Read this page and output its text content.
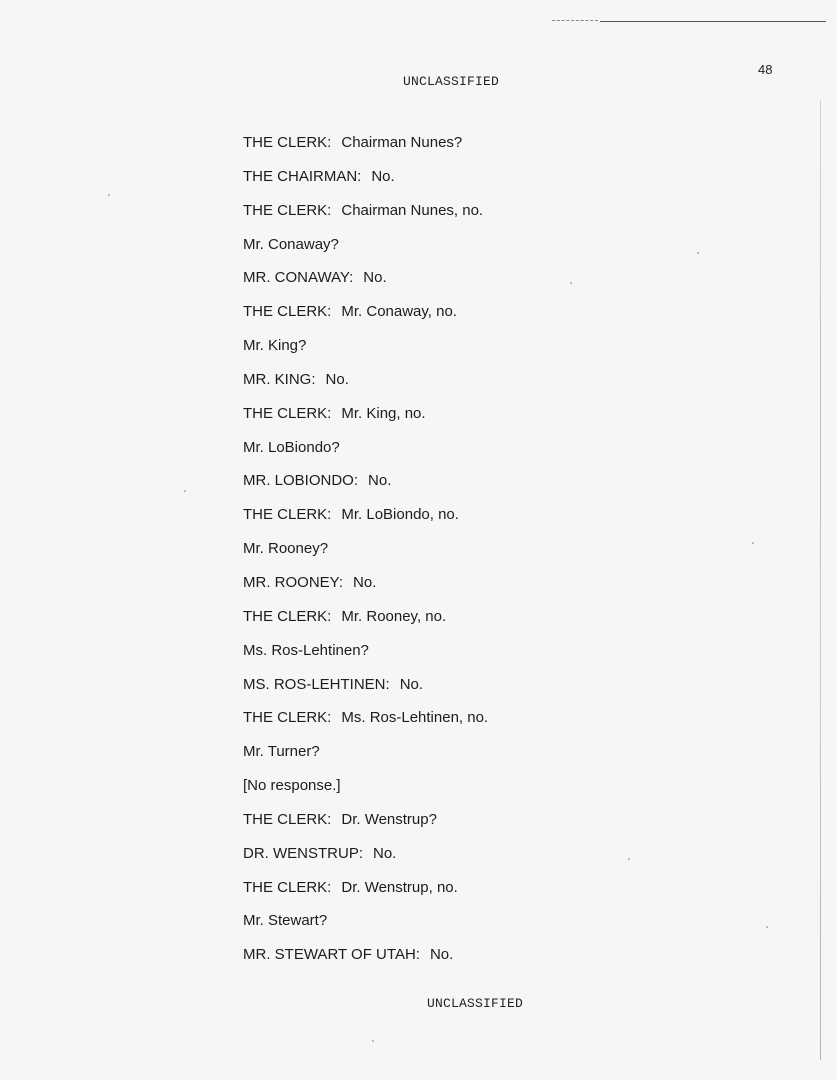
48
UNCLASSIFIED
THE CLERK: Chairman Nunes?
THE CHAIRMAN: No.
THE CLERK: Chairman Nunes, no.
Mr. Conaway?
MR. CONAWAY: No.
THE CLERK: Mr. Conaway, no.
Mr. King?
MR. KING: No.
THE CLERK: Mr. King, no.
Mr. LoBiondo?
MR. LOBIONDO: No.
THE CLERK: Mr. LoBiondo, no.
Mr. Rooney?
MR. ROONEY: No.
THE CLERK: Mr. Rooney, no.
Ms. Ros-Lehtinen?
MS. ROS-LEHTINEN: No.
THE CLERK: Ms. Ros-Lehtinen, no.
Mr. Turner?
[No response.]
THE CLERK: Dr. Wenstrup?
DR. WENSTRUP: No.
THE CLERK: Dr. Wenstrup, no.
Mr. Stewart?
MR. STEWART OF UTAH: No.
UNCLASSIFIED
